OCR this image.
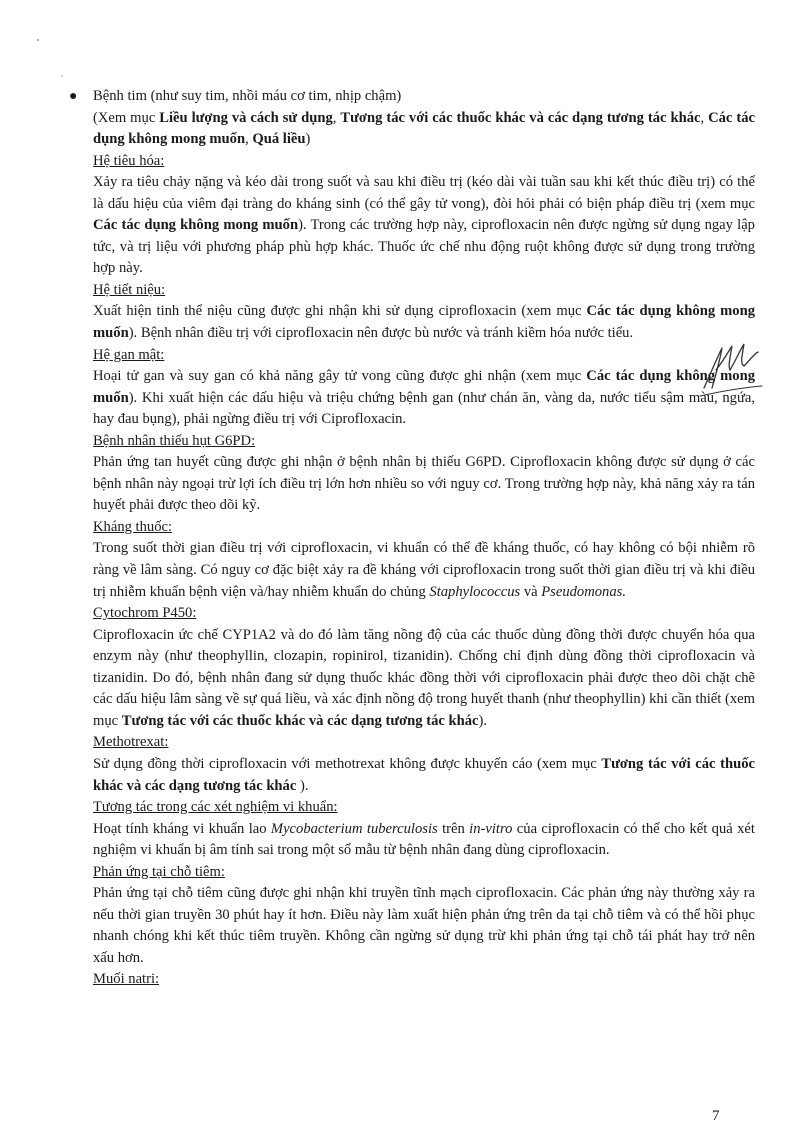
● Bệnh tim (như suy tim, nhồi máu cơ tim, nhịp chậm)
(Xem mục Liều lượng và cách sử dụng, Tương tác với các thuốc khác và các dạng tương tác khác, Các tác dụng không mong muốn, Quá liều)
Hệ tiêu hóa:
Xảy ra tiêu chảy nặng và kéo dài trong suốt và sau khi điều trị (kéo dài vài tuần sau khi kết thúc điều trị) có thể là dấu hiệu của viêm đại tràng do kháng sinh (có thể gây tử vong), đòi hỏi phải có biện pháp điều trị (xem mục Các tác dụng không mong muốn). Trong các trường hợp này, ciprofloxacin nên được ngừng sử dụng ngay lập tức, và trị liệu với phương pháp phù hợp khác. Thuốc ức chế nhu động ruột không được sử dụng trong trường hợp này.
Hệ tiết niệu:
Xuất hiện tinh thể niệu cũng được ghi nhận khi sử dụng ciprofloxacin (xem mục Các tác dụng không mong muốn). Bệnh nhân điều trị với ciprofloxacin nên được bù nước và tránh kiềm hóa nước tiểu.
Hệ gan mật:
Hoại tử gan và suy gan có khả năng gây tử vong cũng được ghi nhận (xem mục Các tác dụng không mong muốn). Khi xuất hiện các dấu hiệu và triệu chứng bệnh gan (như chán ăn, vàng da, nước tiểu sậm màu, ngứa, hay đau bụng), phải ngừng điều trị với Ciprofloxacin.
Bệnh nhân thiếu hụt G6PD:
Phản ứng tan huyết cũng được ghi nhận ở bệnh nhân bị thiếu G6PD. Ciprofloxacin không được sử dụng ở các bệnh nhân này ngoại trừ lợi ích điều trị lớn hơn nhiều so với nguy cơ. Trong trường hợp này, khả năng xảy ra tán huyết phải được theo dõi kỹ.
Kháng thuốc:
Trong suốt thời gian điều trị với ciprofloxacin, vi khuẩn có thể đề kháng thuốc, có hay không có bội nhiễm rõ ràng về lâm sàng. Có nguy cơ đặc biệt xảy ra đề kháng với ciprofloxacin trong suốt thời gian điều trị và khi điều trị nhiễm khuẩn bệnh viện và/hay nhiễm khuẩn do chủng Staphylococcus và Pseudomonas.
Cytochrom P450:
Ciprofloxacin ức chế CYP1A2 và do đó làm tăng nồng độ của các thuốc dùng đồng thời được chuyển hóa qua enzym này (như theophyllin, clozapin, ropinirol, tizanidin). Chống chỉ định dùng đồng thời ciprofloxacin và tizanidin. Do đó, bệnh nhân đang sử dụng thuốc khác đồng thời với ciprofloxacin phải được theo dõi chặt chẽ các dấu hiệu lâm sàng về sự quá liều, và xác định nồng độ trong huyết thanh (như theophyllin) khi cần thiết (xem mục Tương tác với các thuốc khác và các dạng tương tác khác).
Methotrexat:
Sử dụng đồng thời ciprofloxacin với methotrexat không được khuyến cáo (xem mục Tương tác với các thuốc khác và các dạng tương tác khác ).
Tương tác trong các xét nghiệm vi khuẩn:
Hoạt tính kháng vi khuẩn lao Mycobacterium tuberculosis trên in-vitro của ciprofloxacin có thể cho kết quả xét nghiệm vi khuẩn bị âm tính sai trong một số mẫu từ bệnh nhân đang dùng ciprofloxacin.
Phản ứng tại chỗ tiêm:
Phản ứng tại chỗ tiêm cũng được ghi nhận khi truyền tĩnh mạch ciprofloxacin. Các phản ứng này thường xảy ra nếu thời gian truyền 30 phút hay ít hơn. Điều này làm xuất hiện phản ứng trên da tại chỗ tiêm và có thể hồi phục nhanh chóng khi kết thúc tiêm truyền. Không cần ngừng sử dụng trừ khi phản ứng tại chỗ tái phát hay trở nên xấu hơn.
Muối natri:
7
